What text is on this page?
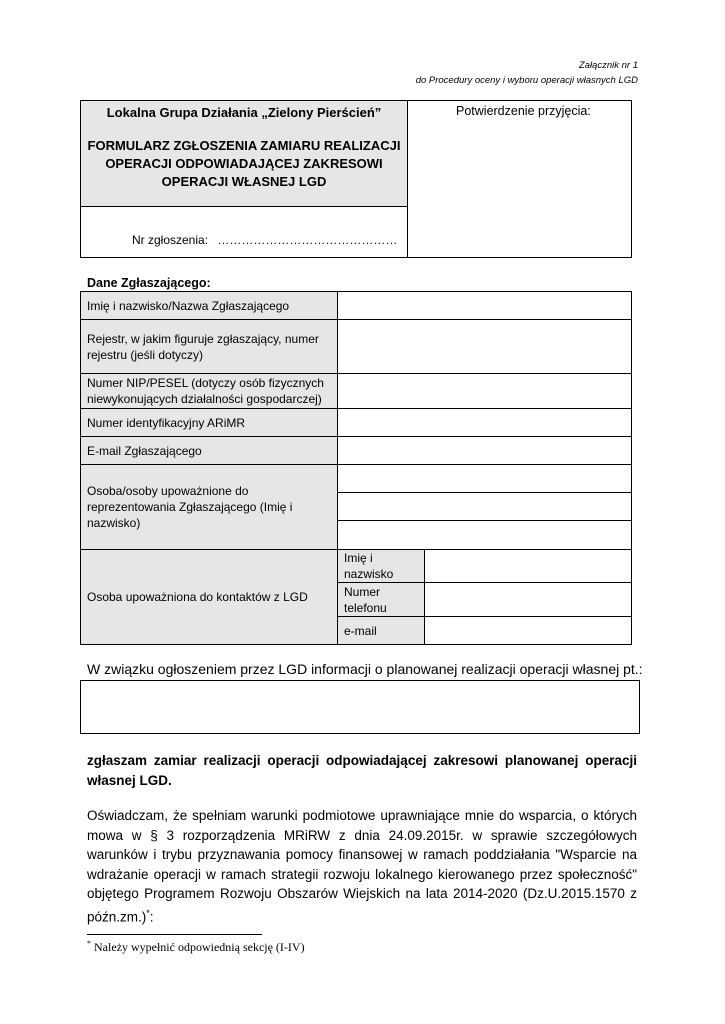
Załącznik nr 1
do Procedury oceny i wyboru operacji własnych LGD
Lokalna Grupa Działania „Zielony Pierścień”
FORMULARZ ZGŁOSZENIA ZAMIARU REALIZACJI
OPERACJI ODPOWIADAJĄCEJ ZAKRESOWI
OPERACJI WŁASNEJ LGD
Potwierdzenie przyjęcia:
Nr zgłoszenia: ………………………………………
Dane Zgłaszającego:
Imię i nazwisko/Nazwa Zgłaszającego
Rejestr, w jakim figuruje zgłaszający, numer rejestru (jeśli dotyczy)
Numer NIP/PESEL (dotyczy osób fizycznych niewykonujących działalności gospodarczej)
Numer identyfikacyjny ARiMR
E-mail Zgłaszającego
Osoba/osoby upoważnione do reprezentowania Zgłaszającego (Imię i nazwisko)
Osoba upoważniona do kontaktów z LGD
Imię i nazwisko
Numer telefonu
e-mail
W związku ogłoszeniem przez LGD informacji o planowanej realizacji operacji własnej pt.:
zgłaszam zamiar realizacji operacji odpowiadającej zakresowi planowanej operacji własnej LGD.
Oświadczam, że spełniam warunki podmiotowe uprawniające mnie do wsparcia, o których mowa w § 3 rozporządzenia MRiRW z dnia 24.09.2015r. w sprawie szczegółowych warunków i trybu przyznawania pomocy finansowej w ramach poddziałania "Wsparcie na wdrażanie operacji w ramach strategii rozwoju lokalnego kierowanego przez społeczność" objętego Programem Rozwoju Obszarów Wiejskich na lata 2014-2020 (Dz.U.2015.1570 z późn.zm.)*:
* Należy wypełnić odpowiednią sekcję (I-IV)
